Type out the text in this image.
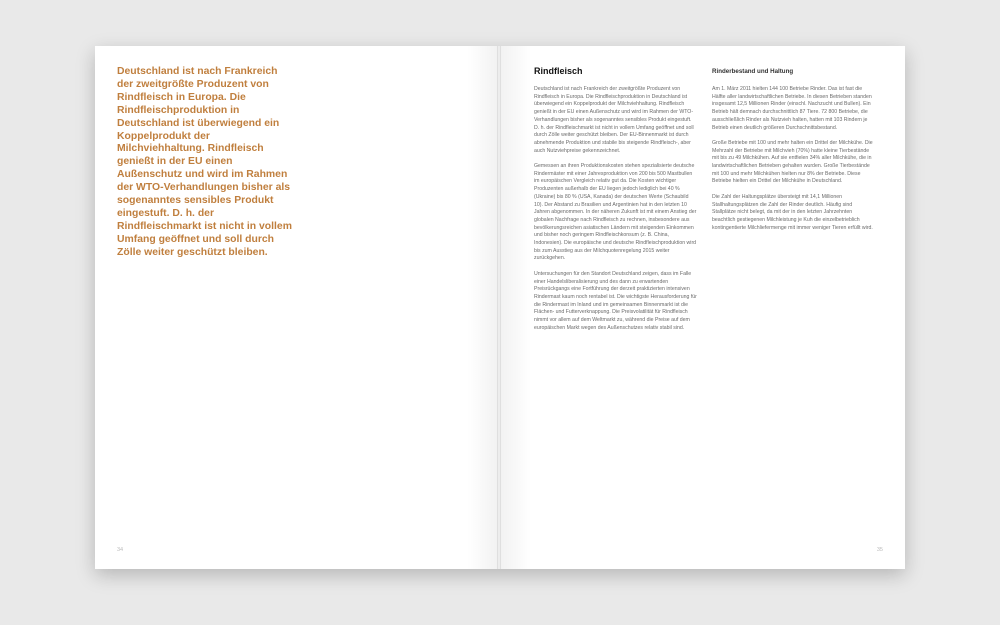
Deutschland ist nach Frankreich der zweitgrößte Produzent von Rindfleisch in Europa. Die Rindfleischproduktion in Deutschland ist überwiegend ein Koppelprodukt der Milchviehhaltung. Rindfleisch genießt in der EU einen Außenschutz und wird im Rahmen der WTO-Verhandlungen bisher als sogenanntes sensibles Produkt eingestuft. D. h. der Rindfleischmarkt ist nicht in vollem Umfang geöffnet und soll durch Zölle weiter geschützt bleiben.

34
Rindfleisch	Rinderbestand und Haltung

Deutschland ist nach Frankreich der zweitgrößte Produzent von Rindfleisch in Europa. Die Rindfleischproduktion in Deutschland ist überwiegend ein Koppelprodukt der Milchviehhaltung. Rindfleisch genießt in der EU einen Außenschutz und wird im Rahmen der WTO-Verhandlungen bisher als sogenanntes sensibles Produkt eingestuft. D. h. der Rindfleischmarkt ist nicht in vollem Umfang geöffnet und soll durch Zölle weiter geschützt bleiben. Der EU-Binnenmarkt ist durch abnehmende Produktion und stabile bis steigende Rindfleisch-, aber auch Nutzviehpreise gekennzeichnet.

Gemessen an ihren Produktionskosten stehen spezialisierte deutsche Rindermäster mit einer Jahresproduktion von 200 bis 500 Mastbullen im europäischen Vergleich relativ gut da. Die Kosten wichtiger Produzenten außerhalb der EU liegen jedoch lediglich bei 40 % (Ukraine) bis 80 % (USA, Kanada) der deutschen Werte (Schaubild 10). Der Abstand zu Brasilien und Argentinien hat in den letzten 10 Jahren abgenommen. In der näheren Zukunft ist mit einem Anstieg der globalen Nachfrage nach Rindfleisch zu rechnen, insbesondere aus bevölkerungsreichen asiatischen Ländern mit steigenden Einkommen und bisher noch geringem Rindfleischkonsum (z. B. China, Indonesien). Die europäische und deutsche Rindfleischproduktion wird bis zum Ausstieg aus der Milchquotenregelung 2015 weiter zurückgehen.

Untersuchungen für den Standort Deutschland zeigen, dass im Falle einer Handelsliberalisierung und des dann zu erwartenden Preisrückgangs eine Fortführung der derzeit praktizierten intensiven Rindermast kaum noch rentabel ist. Die wichtigste Herausforderung für die Rindermast im Inland und im gemeinsamen Binnenmarkt ist die Flächen- und Futterverknappung. Die Preisvolatilität für Rindfleisch nimmt vor allem auf dem Weltmarkt zu, während die Preise auf dem europäischen Markt wegen des Außenschutzes relativ stabil sind.

Am 1. März 2011 hielten 144 100 Betriebe Rinder. Das ist fast die Hälfte aller landwirtschaftlichen Betriebe. In diesen Betrieben standen insgesamt 12,5 Millionen Rinder (einschl. Nachzucht und Bullen). Ein Betrieb hält demnach durchschnittlich 87 Tiere. 72 800 Betriebe, die ausschließlich Rinder als Nutzvieh halten, hatten mit 103 Rindern je Betrieb einen deutlich größeren Durchschnittsbestand.

Große Betriebe mit 100 und mehr halten ein Drittel der Milchkühe. Die Mehrzahl der Betriebe mit Milchvieh (70%) hatte kleine Tierbestände mit bis zu 49 Milchkühen. Auf sie entfielen 34% aller Milchkühe, die in landwirtschaftlichen Betrieben gehalten wurden. Große Tierbestände mit 100 und mehr Milchkühen hielten nur 8% der Betriebe. Diese Betriebe hielten ein Drittel der Milchkühe in Deutschland.

Die Zahl der Haltungsplätze übersteigt mit 14,1 Millionen Stallhaltungsplätzen die Zahl der Rinder deutlich. Häufig sind Stallplätze nicht belegt, da mit der in den letzten Jahrzehnten beachtlich gestiegenen Milchleistung je Kuh die einzelbetrieblich kontingentierte Milchliefermenge mit immer weniger Tieren erfüllt wird.

35
